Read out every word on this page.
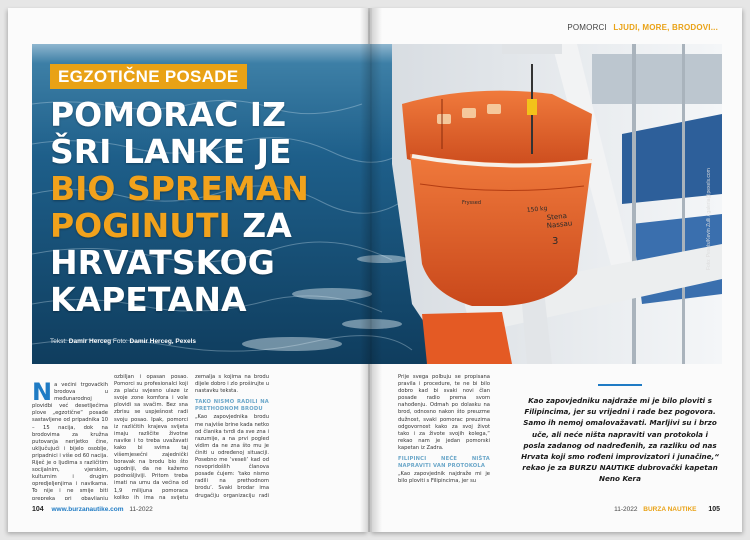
POMORCI LJUDI, MORE, BRODOVI...
150 kg
Stena
Nassau
3
Fryssed
EGZOTIČNE POSADE
POMORAC IZ
ŠRI LANKE JE
BIO SPREMAN
POGINUTI ZA
HRVATSKOG
KAPETANA
Tekst: Damir Herceg Foto: Damir Herceg, Pexels
Foto: Pexels/Kevin Zulli / galeria@pexels.com
N a većini trgovačkih brodova u međunarodnoj plovidbi već desetljećima plove „egzotične“ posade sastavljene od pripadnika 10 – 15 nacija, dok na brodovima za kružna putovanja nerijetko čine, uključujući i bijelo osoblje, pripadnici i više od 60 nacija. Riječ je o ljudima s različitim socijalnim, vjerskim, kulturnim i drugim opredjeljenjima i navikama. To nije i ne smije biti prepreka pri obavljanju

ozbiljan i opasan posao. Pomorci su profesionalci koji za plaću svjesno ulaze iz svoje zone komfora i vole plovidi sa svačim. Bez sna zbrisu se uspješnost radi svoju posao. Ipak, pomorci iz različitih krajeva svijeta imaju različite životne navike i to treba uvažavati kako bi svima taj višemjesečni zajednički boravak na brodu bio što ugodniji, da ne kažemo podnošljiviji. Pritom treba imati na umu da većina od 1,9 milijuna pomoraca koliko ih ima na svijetu

zemalja s kojima na brodu dijele dobro i zlo proširujte u nastavku teksta.

TAKO NISMO RADILI NA PRETHODNOM BRODU

„Kao zapovjednika brodu me najviše brine kada netko od članika tvrdi da sve zna i razumije, a na prvi pogled vidim da ne zna što mu je činiti u određenoj situaciji. Posebno me ‘veseli’ kad od novopridošlih članova posade čujem: ‘tako nismo radili na prethodnom brodu’. Svaki brodar ima drugačiju organizaciju radi

Prije svega polbuju se propisana pravila i procedure, te ne bi bilo dobro kad bi svaki novi član posade radio prema svom nahođenju. Odmah po dolasku na brod, odnosno nakon što preuzme dužnost, svaki pomorac preuzima odgovornost kako za svoj život tako i za živote svojih kolega,“ rekao nam je jedan pomorski kapetan iz Zadra.

FILIPINCI NEĆE NIŠTA NAPRAVITI VAN PROTOKOLA

„Kao zapovjednik najdraže mi je bilo ploviti s Filipincima, jer su

Kao zapovjedniku najdraže mi je bilo ploviti s Filipincima, jer su vrijedni i rade bez pogovora. Samo ih nemoj omalovažavati. Marljivi su i brzo uče, ali neće ništa napraviti van protokola i posla zadanog od nadređenih, za razliku od nas Hrvata koji smo rođeni improvizatori i junačine,“ rekao je za BURZU NAUTIKE dubrovački kapetan Neno Kera
104 www.burzanautike.com 11-2022	11-2022 BURZA NAUTIKE 105
